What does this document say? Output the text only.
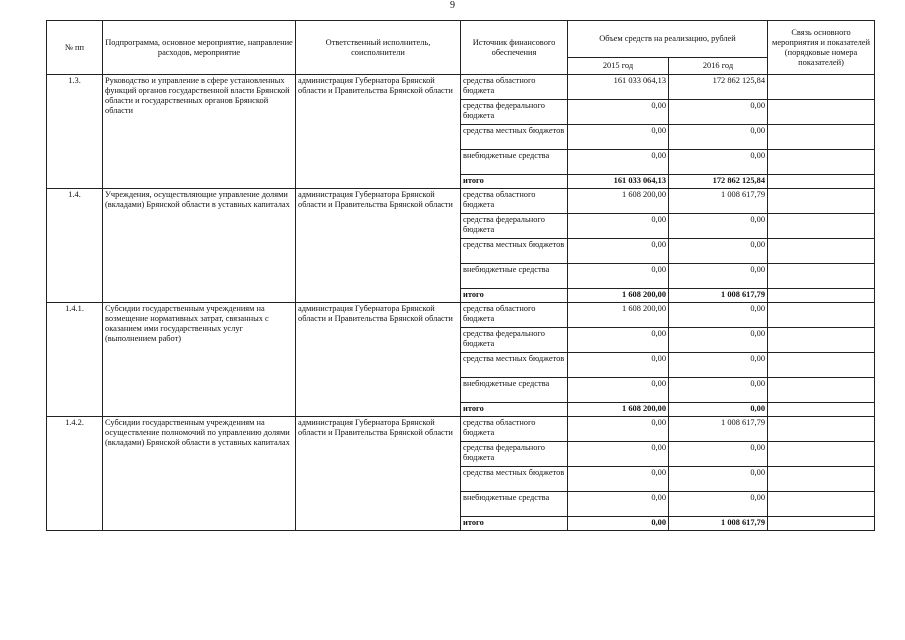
9
№ пп	Подпрограмма, основное мероприятие, направление расходов, мероприятие	Ответственный исполнитель, соисполнители	Источник финансового обеспечения	Объем средств на реализацию, рублей		Связь основного мероприятия и показателей (порядковые номера показателей)
				2015 год	2016 год	
1.3.	Руководство и управление в сфере установленных функций органов государственной власти Брянской области и государственных органов Брянской области	администрация Губернатора Брянской области и Правительства Брянской области	средства областного бюджета	161 033 064,13	172 862 125,84	
			средства федерального бюджета	0,00	0,00	
			средства местных бюджетов	0,00	0,00	
			внебюджетные средства	0,00	0,00	
			итого	161 033 064,13	172 862 125,84	
1.4.	Учреждения, осуществляющие управление долями (вкладами) Брянской области в уставных капиталах	администрация Губернатора Брянской области и Правительства Брянской области	средства областного бюджета	1 608 200,00	1 008 617,79	
			средства федерального бюджета	0,00	0,00	
			средства местных бюджетов	0,00	0,00	
			внебюджетные средства	0,00	0,00	
			итого	1 608 200,00	1 008 617,79	
1.4.1.	Субсидии государственным учреждениям на возмещение нормативных затрат, связанных с оказанием ими государственных услуг (выполнением работ)	администрация Губернатора Брянской области и Правительства Брянской области	средства областного бюджета	1 608 200,00	0,00	
			средства федерального бюджета	0,00	0,00	
			средства местных бюджетов	0,00	0,00	
			внебюджетные средства	0,00	0,00	
			итого	1 608 200,00	0,00	
1.4.2.	Субсидии государственным учреждениям на осуществление полномочий по управлению долями (вкладами) Брянской области в уставных капиталах	администрация Губернатора Брянской области и Правительства Брянской области	средства областного бюджета	0,00	1 008 617,79	
			средства федерального бюджета	0,00	0,00	
			средства местных бюджетов	0,00	0,00	
			внебюджетные средства	0,00	0,00	
			итого	0,00	1 008 617,79	
